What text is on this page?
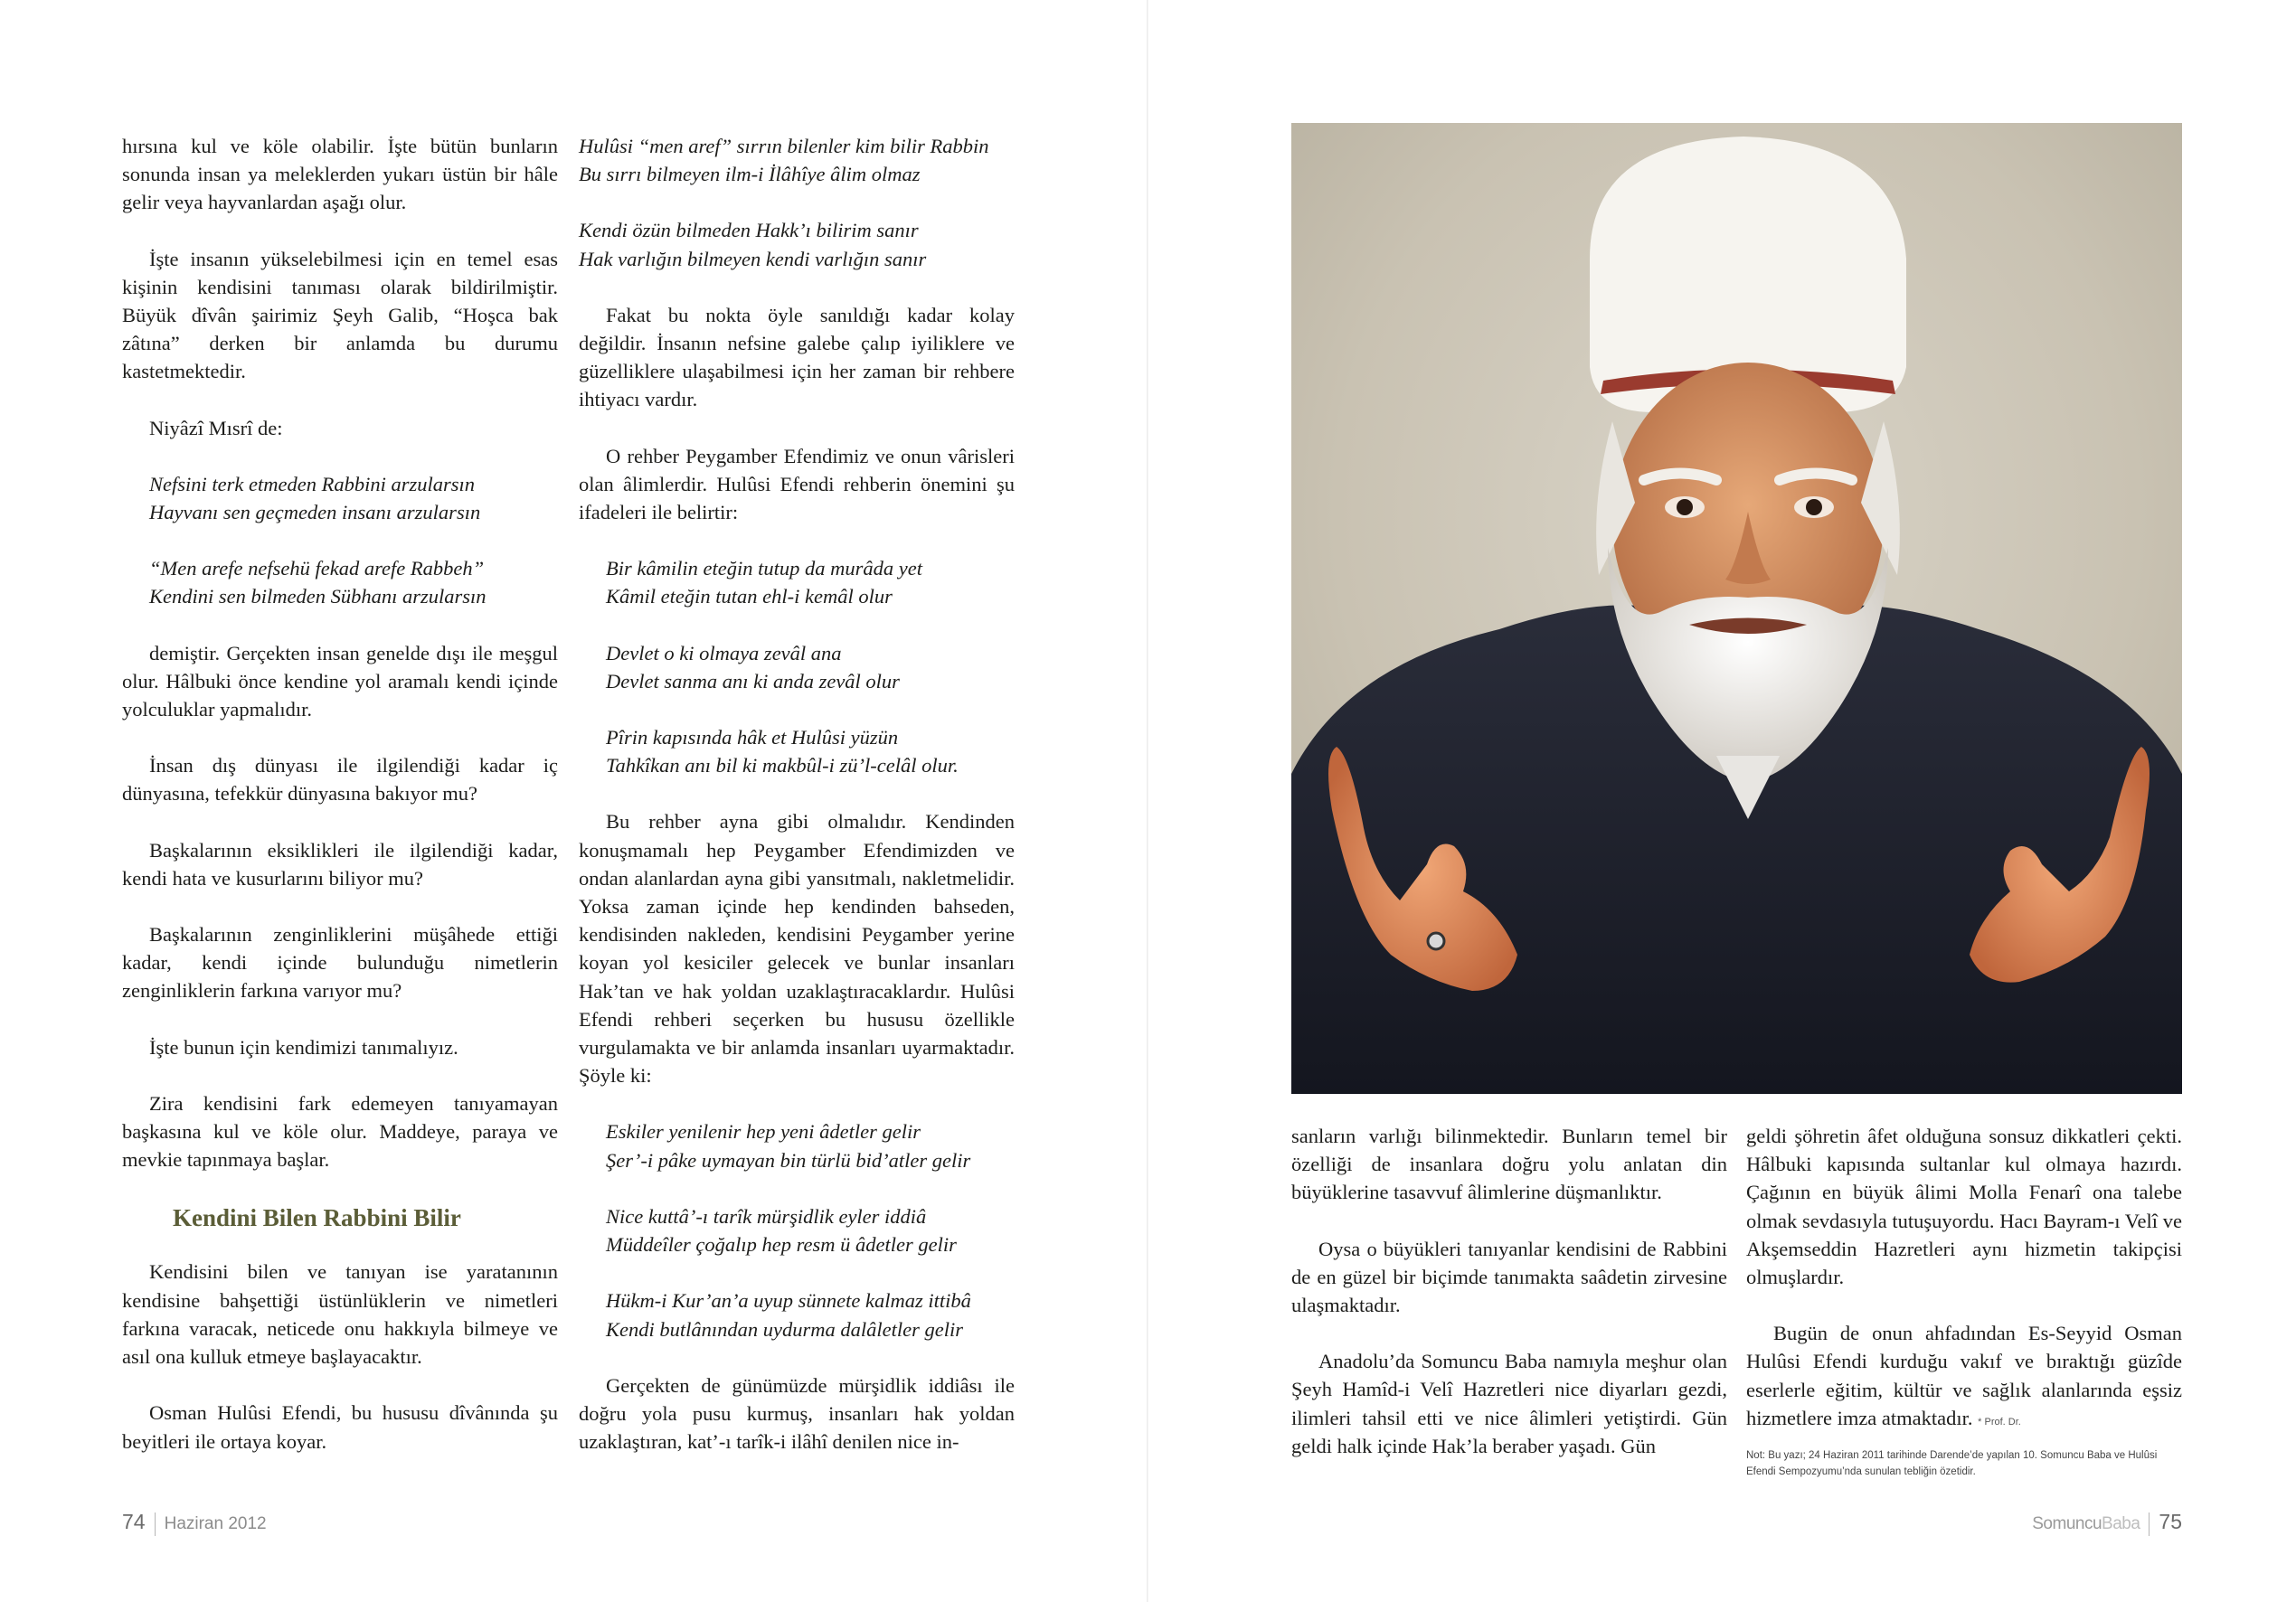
hırsına kul ve köle olabilir. İşte bütün bunların sonunda insan ya meleklerden yukarı üstün bir hâle gelir veya hayvanlardan aşağı olur.

İşte insanın yükselebilmesi için en temel esas kişinin kendisini tanıması olarak bildirilmiştir. Büyük dîvân şairimiz Şeyh Galib, “Hoşca bak zâtına” derken bir anlamda bu durumu kastetmektedir.

Niyâzî Mısrî de:

Nefsini terk etmeden Rabbini arzularsın
Hayvanı sen geçmeden insanı arzularsın
“Men arefe nefsehü fekad arefe Rabbeh”
Kendini sen bilmeden Sübhanı arzularsın

demiştir. Gerçekten insan genelde dışı ile meşgul olur. Hâlbuki önce kendine yol aramalı kendi içinde yolculuklar yapmalıdır.

İnsan dış dünyası ile ilgilendiği kadar iç dünyasına, tefekkür dünyasına bakıyor mu?

Başkalarının eksiklikleri ile ilgilendiği kadar, kendi hata ve kusurlarını biliyor mu?

Başkalarının zenginliklerini müşâhede ettiği kadar, kendi içinde bulunduğu nimetlerin zenginliklerin farkına varıyor mu?

İşte bunun için kendimizi tanımalıyız.

Zira kendisini fark edemeyen tanıyamayan başkasına kul ve köle olur. Maddeye, paraya ve mevkie tapınmaya başlar.

Kendini Bilen Rabbini Bilir

Kendisini bilen ve tanıyan ise yaratanının kendisine bahşettiği üstünlüklerin ve nimetleri farkına varacak, neticede onu hakkıyla bilmeye ve asıl ona kulluk etmeye başlayacaktır.

Osman Hulûsi Efendi, bu hususu dîvânında şu beyitleri ile ortaya koyar.

Hulûsi “men aref” sırrın bilenler kim bilir Rabbin
Bu sırrı bilmeyen ilm-i İlâhîye âlim olmaz
Kendi özün bilmeden Hakk’ı bilirim sanır
Hak varlığın bilmeyen kendi varlığın sanır

Fakat bu nokta öyle sanıldığı kadar kolay değildir. İnsanın nefsine galebe çalıp iyiliklere ve güzelliklere ulaşabilmesi için her zaman bir rehbere ihtiyacı vardır.

O rehber Peygamber Efendimiz ve onun vârisleri olan âlimlerdir. Hulûsi Efendi rehberin önemini şu ifadeleri ile belirtir:

Bir kâmilin eteğin tutup da murâda yet
Kâmil eteğin tutan ehl-i kemâl olur
Devlet o ki olmaya zevâl ana
Devlet sanma anı ki anda zevâl olur
Pîrin kapısında hâk et Hulûsi yüzün
Tahkîkan anı bil ki makbûl-i zü’l-celâl olur.

Bu rehber ayna gibi olmalıdır. Kendinden konuşmamalı hep Peygamber Efendimizden ve ondan alanlardan ayna gibi yansıtmalı, nakletmelidir. Yoksa zaman içinde hep kendinden bahseden, kendisinden nakleden, kendisini Peygamber yerine koyan yol kesiciler gelecek ve bunlar insanları Hak’tan ve hak yoldan uzaklaştıracaklardır. Hulûsi Efendi rehberi seçerken bu hususu özellikle vurgulamakta ve bir anlamda insanları uyarmaktadır. Şöyle ki:

Eskiler yenilenir hep yeni âdetler gelir
Şer’-i pâke uymayan bin türlü bid’atler gelir
Nice kuttâ’-ı tarîk mürşidlik eyler iddiâ
Müddeîler çoğalıp hep resm ü âdetler gelir
Hükm-i Kur’an’a uyup sünnete kalmaz ittibâ
Kendi butlânından uydurma dalâletler gelir

Gerçekten de günümüzde mürşidlik iddiâsı ile doğru yola pusu kurmuş, insanları hak yoldan uzaklaştıran, kat’-ı tarîk-i ilâhî denilen nice in-

74 Haziran 2012

sanların varlığı bilinmektedir. Bunların temel bir özelliği de insanlara doğru yolu anlatan din büyüklerine tasavvuf âlimlerine düşmanlıktır.

Oysa o büyükleri tanıyanlar kendisini de Rabbini de en güzel bir biçimde tanımakta saâdetin zirvesine ulaşmaktadır.

Anadolu’da Somuncu Baba namıyla meşhur olan Şeyh Hamîd-i Velî Hazretleri nice diyarları gezdi, ilimleri tahsil etti ve nice âlimleri yetiştirdi. Gün geldi halk içinde Hak’la beraber yaşadı. Gün

geldi şöhretin âfet olduğuna sonsuz dikkatleri çekti. Hâlbuki kapısında sultanlar kul olmaya hazırdı. Çağının en büyük âlimi Molla Fenarî ona talebe olmak sevdasıyla tutuşuyordu. Hacı Bayram-ı Velî ve Akşemseddin Hazretleri aynı hizmetin takipçisi olmuşlardır.

Bugün de onun ahfadından Es-Seyyid Osman Hulûsi Efendi kurduğu vakıf ve bıraktığı güzîde eserlerle eğitim, kültür ve sağlık alanlarında eşsiz hizmetlere imza atmaktadır. * Prof. Dr.

Not: Bu yazı; 24 Haziran 2011 tarihinde Darende’de yapılan 10. Somuncu Baba ve Hulûsi Efendi Sempozyumu’nda sunulan tebliğin özetidir.

SomuncuBaba 75
